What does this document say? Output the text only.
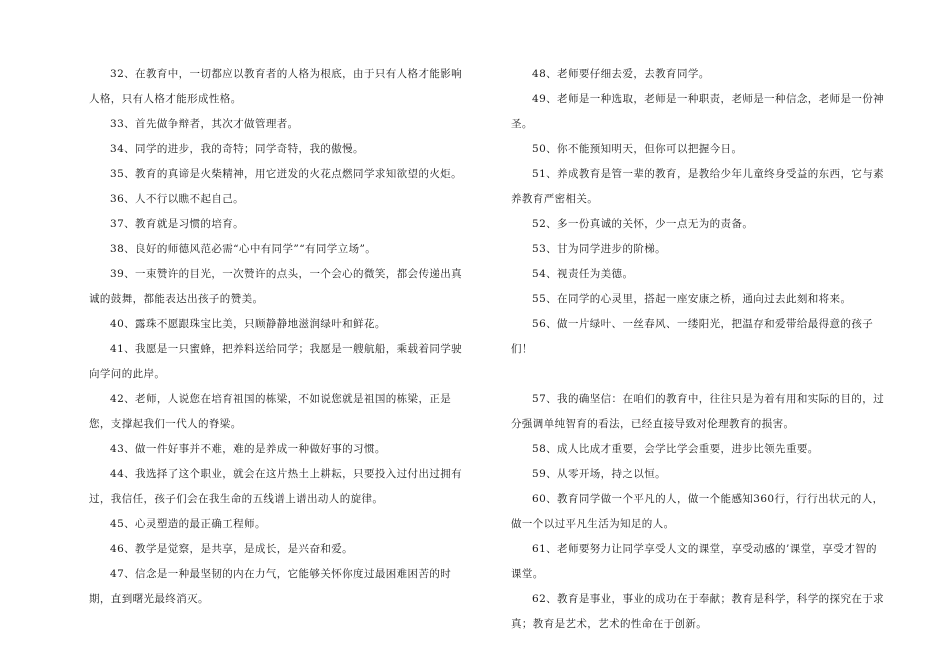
32、在教育中，一切都应以教育者的人格为根底，由于只有人格才能影响人格，只有人格才能形成性格。

33、首先做争辩者，其次才做管理者。

34、同学的进步，我的奇特；同学奇特，我的傲慢。

35、教育的真谛是火柴精神，用它迸发的火花点燃同学求知欲望的火炬。

36、人不行以瞧不起自己。

37、教育就是习惯的培育。

38、良好的师德风范必需“心中有同学”“有同学立场”。

39、一束赞许的目光，一次赞许的点头，一个会心的微笑，都会传递出真诚的鼓舞，都能表达出孩子的赞美。

40、露珠不愿跟珠宝比美，只顾静静地滋润绿叶和鲜花。

41、我愿是一只蜜蜂，把养料送给同学；我愿是一艘航船，乘载着同学驶向学问的此岸。

42、老师，人说您在培育祖国的栋梁，不如说您就是祖国的栋梁，正是您，支撑起我们一代人的脊梁。

43、做一件好事并不难，难的是养成一种做好事的习惯。

44、我选择了这个职业，就会在这片热土上耕耘，只要投入过付出过拥有过，我信任，孩子们会在我生命的五线谱上谱出动人的旋律。

45、心灵塑造的最正确工程师。

46、教学是觉察，是共享，是成长，是兴奋和爱。

47、信念是一种最坚韧的内在力气，它能够关怀你度过最困难困苦的时期，直到曙光最终消灭。

48、老师要仔细去爱，去教育同学。

49、老师是一种选取，老师是一种职责，老师是一种信念，老师是一份神圣。

50、你不能预知明天，但你可以把握今日。

51、养成教育是管一辈的教育，是教给少年儿童终身受益的东西，它与素养教育严密相关。

52、多一份真诚的关怀，少一点无为的责备。

53、甘为同学进步的阶梯。

54、视责任为美德。

55、在同学的心灵里，搭起一座安康之桥，通向过去此刻和将来。

56、做一片绿叶、一丝春风、一缕阳光，把温存和爱带给最得意的孩子们！

57、我的确坚信：在咱们的教育中，往往只是为着有用和实际的目的，过分强调单纯智育的看法，已经直接导致对伦理教育的损害。

58、成人比成才重要，会学比学会重要，进步比领先重要。

59、从零开场，持之以恒。

60、教育同学做一个平凡的人，做一个能感知360行，行行出状元的人，做一个以过平凡生活为知足的人。

61、老师要努力让同学享受人文的课堂，享受动感的’课堂，享受才智的课堂。

62、教育是事业，事业的成功在于奉献；教育是科学，科学的探究在于求真；教育是艺术，艺术的性命在于创新。
